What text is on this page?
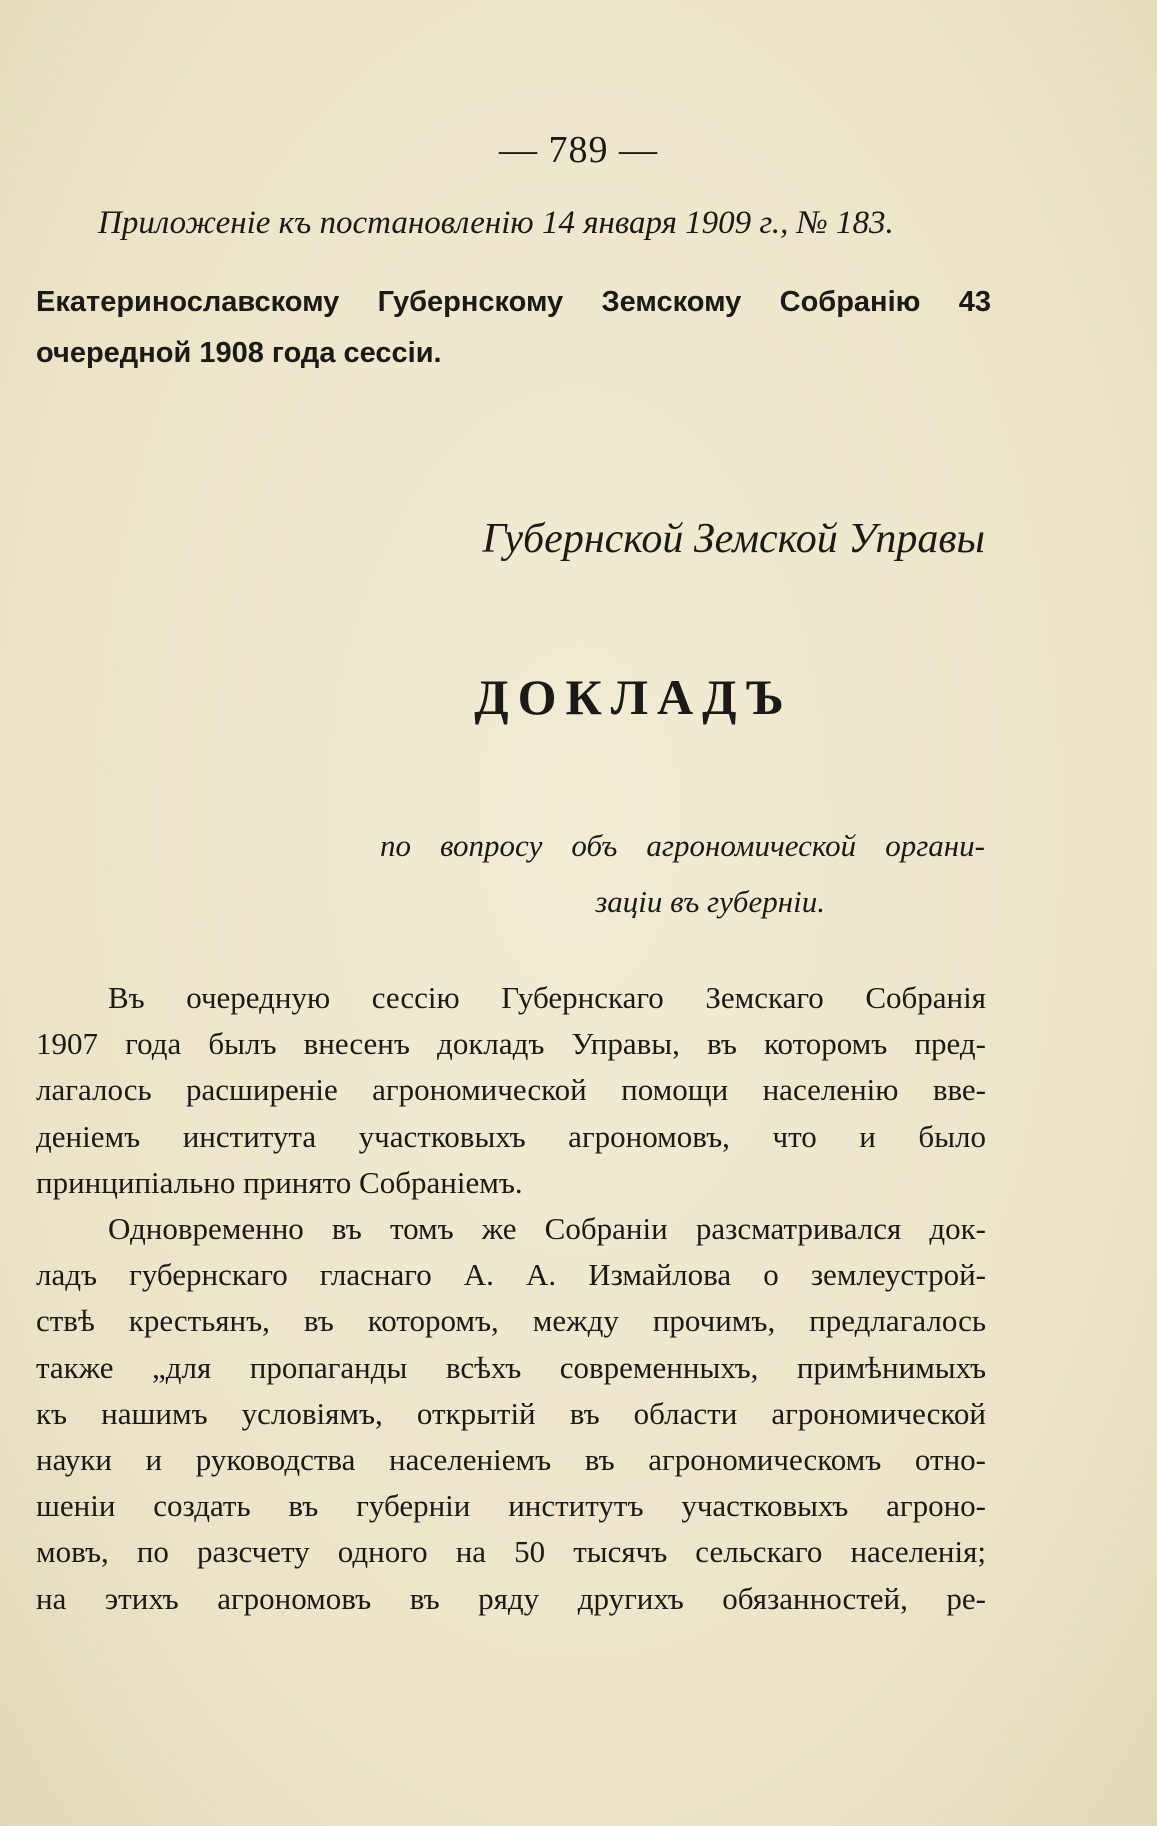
— 789 —
Приложеніе къ постановленію 14 января 1909 г., № 183.
Екатеринославскому Губернскому Земскому Собранію 43
очередной 1908 года сессіи.
Губернской Земской Управы
ДОКЛАДЪ
по вопросу объ агрономической органи-
заціи въ губерніи.
Въ очередную сессію Губернскаго Земскаго Собранія
1907 года былъ внесенъ докладъ Управы, въ которомъ пред-
лагалось расширеніе агрономической помощи населенію вве-
деніемъ института участковыхъ агрономовъ, что и было
принципіально принято Собраніемъ.
Одновременно въ томъ же Собраніи разсматривался док-
ладъ губернскаго гласнаго А. А. Измайлова о землеустрой-
ствѣ крестьянъ, въ которомъ, между прочимъ, предлагалось
также „для пропаганды всѣхъ современныхъ, примѣнимыхъ
къ нашимъ условіямъ, открытій въ области агрономической
науки и руководства населеніемъ въ агрономическомъ отно-
шеніи создать въ губерніи институтъ участковыхъ агроно-
мовъ, по разсчету одного на 50 тысячъ сельскаго населенія;
на этихъ агрономовъ въ ряду другихъ обязанностей, ре-
